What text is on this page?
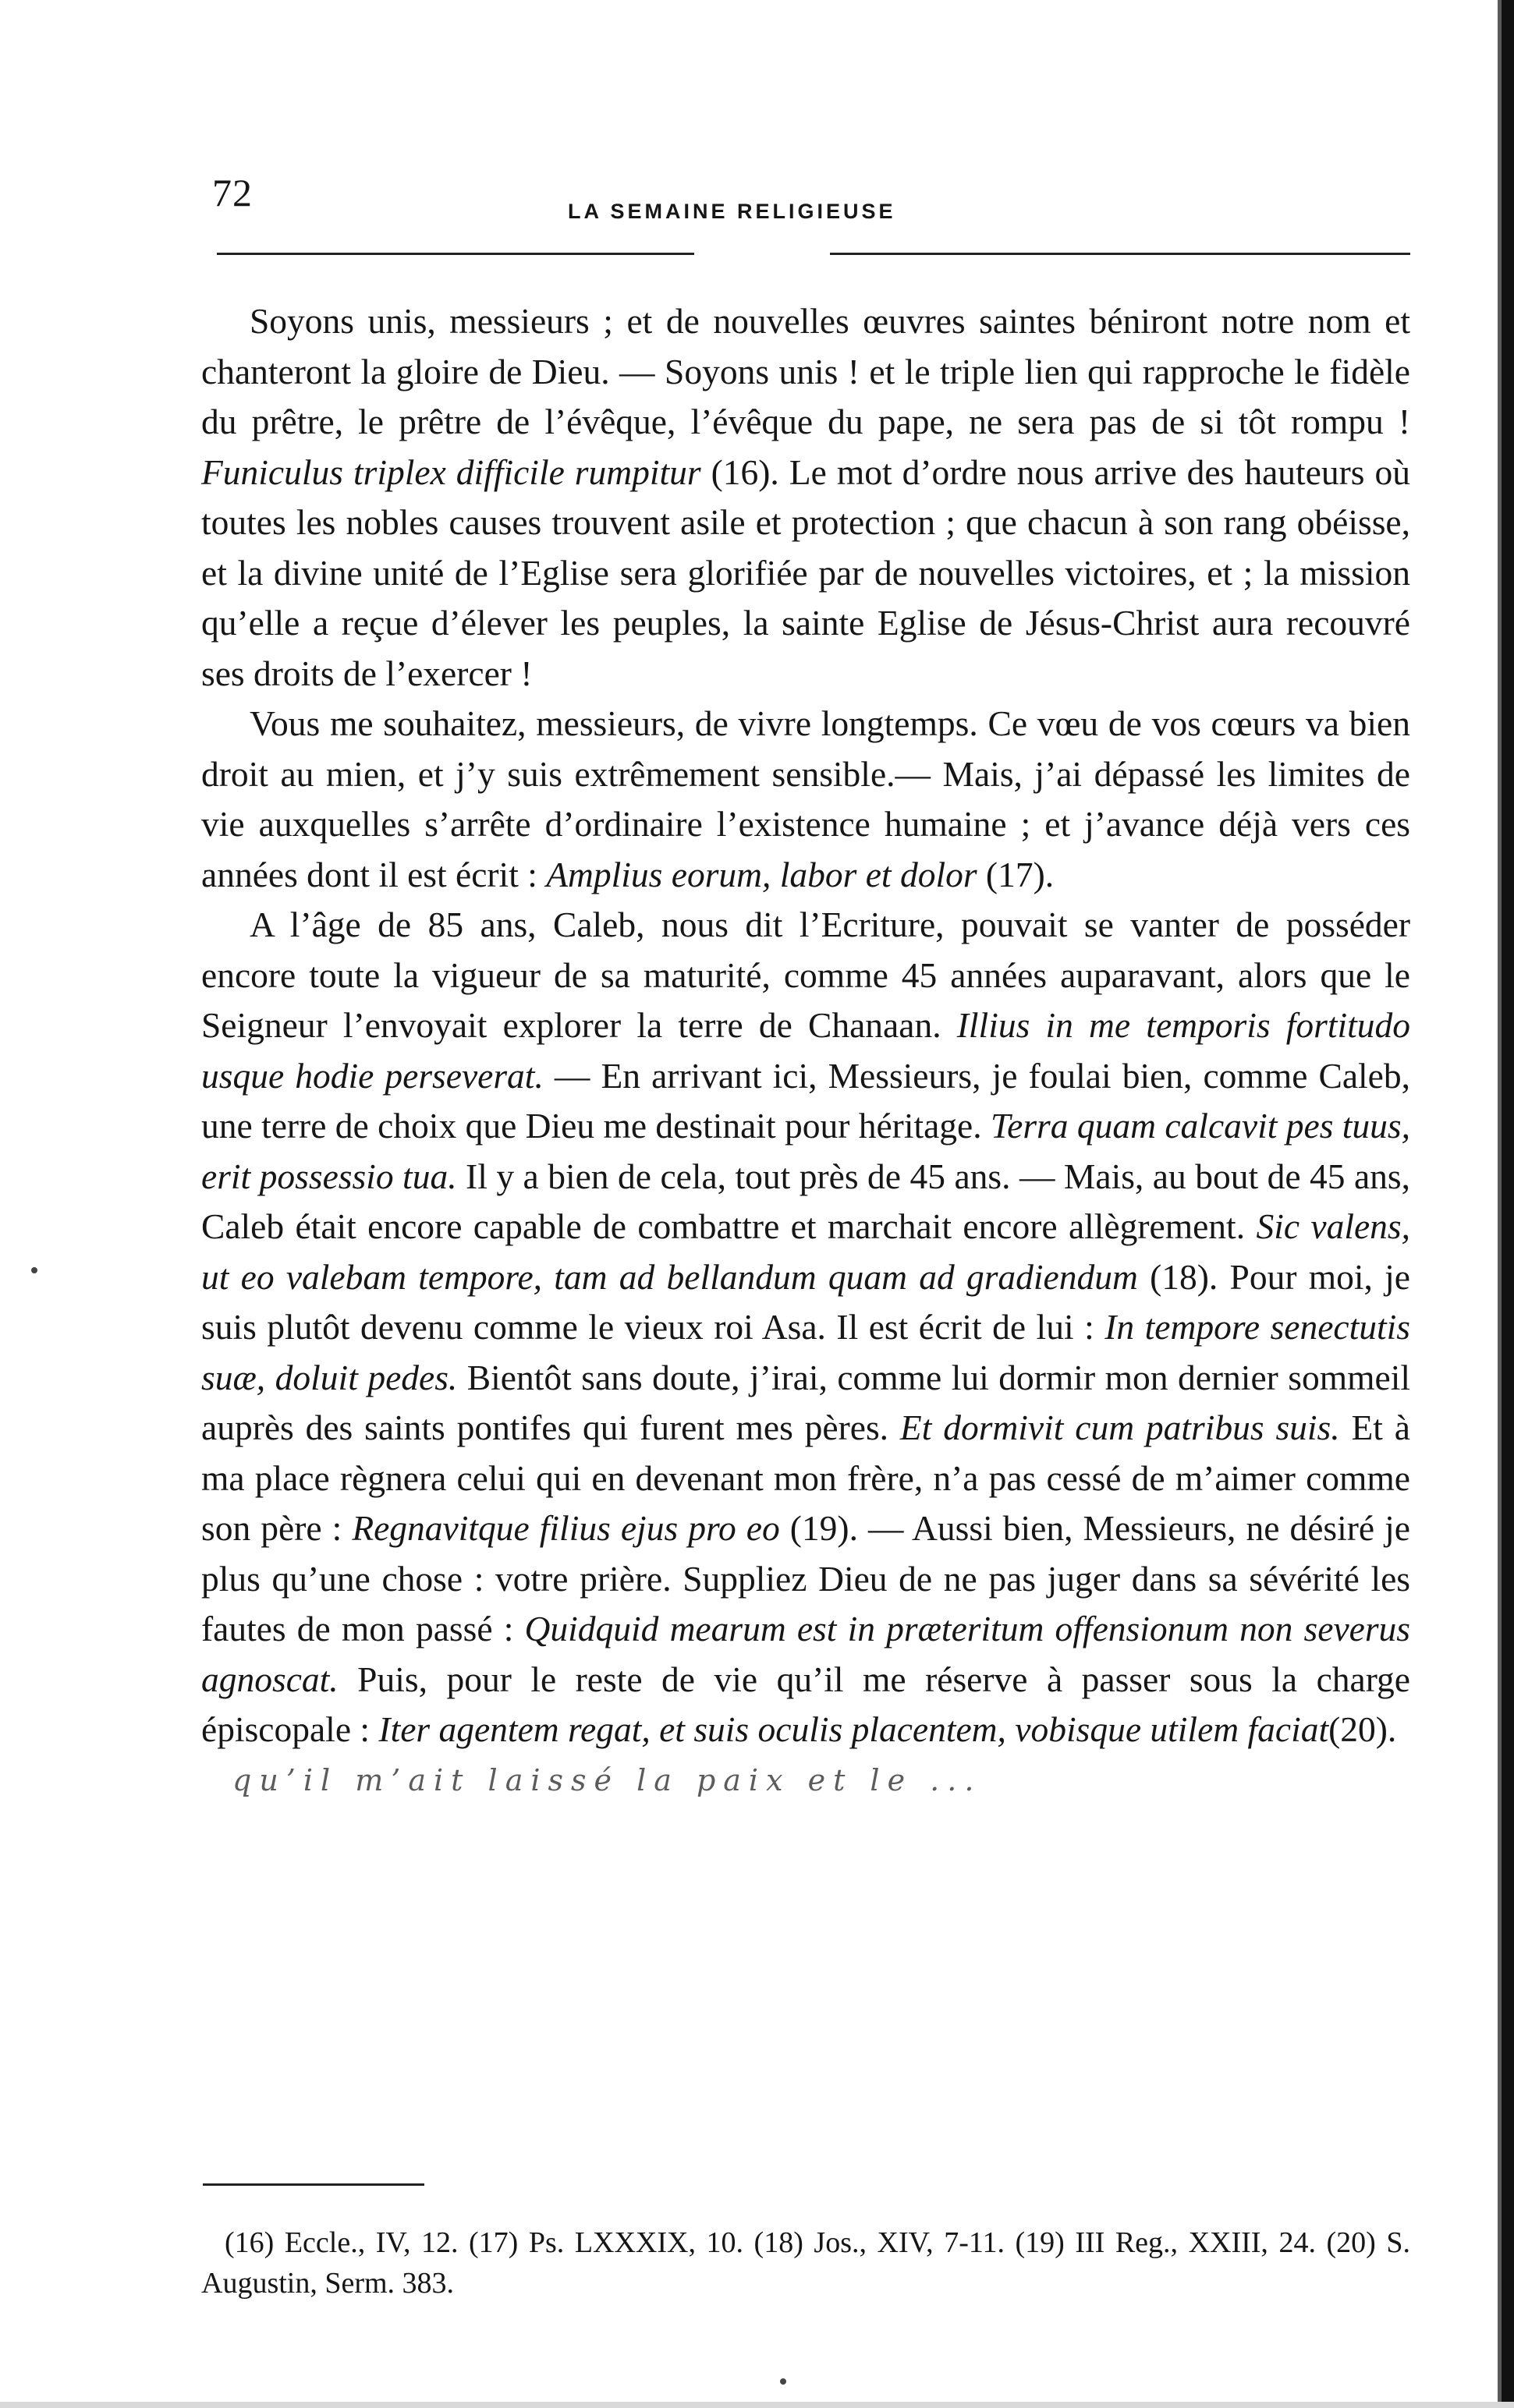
72	LA SEMAINE RELIGIEUSE

Soyons unis, messieurs ; et de nouvelles œuvres saintes béniront notre nom et chanteront la gloire de Dieu. — Soyons unis ! et le triple lien qui rapproche le fidèle du prêtre, le prêtre de l’évêque, l’évêque du pape, ne sera pas de si tôt rompu ! Funiculus triplex difficile rumpitur (16). Le mot d’ordre nous arrive des hauteurs où toutes les nobles causes trouvent asile et protection ; que chacun à son rang obéisse, et la divine unité de l’Eglise sera glorifiée par de nouvelles victoires, et ; la mission qu’elle a reçue d’élever les peuples, la sainte Eglise de Jésus-Christ aura recouvré ses droits de l’exercer !

Vous me souhaitez, messieurs, de vivre longtemps. Ce vœu de vos cœurs va bien droit au mien, et j’y suis extrêmement sensible.— Mais, j’ai dépassé les limites de vie auxquelles s’arrête d’ordinaire l’existence humaine ; et j’avance déjà vers ces années dont il est écrit : Amplius eorum, labor et dolor (17).

A l’âge de 85 ans, Caleb, nous dit l’Ecriture, pouvait se vanter de posséder encore toute la vigueur de sa maturité, comme 45 années auparavant, alors que le Seigneur l’envoyait explorer la terre de Chanaan. Illius in me temporis fortitudo usque hodie perseverat. — En arrivant ici, Messieurs, je foulai bien, comme Caleb, une terre de choix que Dieu me destinait pour héritage. Terra quam calcavit pes tuus, erit possessio tua. Il y a bien de cela, tout près de 45 ans. — Mais, au bout de 45 ans, Caleb était encore capable de combattre et marchait encore allègrement. Sic valens, ut eo valebam tempore, tam ad bellandum quam ad gradiendum (18). Pour moi, je suis plutôt devenu comme le vieux roi Asa. Il est écrit de lui : In tempore senectutis suæ, doluit pedes. Bientôt sans doute, j’irai, comme lui dormir mon dernier sommeil auprès des saints pontifes qui furent mes pères. Et dormivit cum patribus suis. Et à ma place règnera celui qui en devenant mon frère, n’a pas cessé de m’aimer comme son père : Regnavitque filius ejus pro eo (19). — Aussi bien, Messieurs, ne désiré je plus qu’une chose : votre prière. Suppliez Dieu de ne pas juger dans sa sévérité les fautes de mon passé : Quidquid mearum est in præteritum offensionum non severus agnoscat. Puis, pour le reste de vie qu’il me réserve à passer sous la charge épiscopale : Iter agentem regat, et suis oculis placentem, vobisque utilem faciat(20).

qu’il m’ait laissé la paix et le ...
(16) Eccle., IV, 12. (17) Ps. LXXXIX, 10. (18) Jos., XIV, 7-11. (19) III Reg., XXIII, 24. (20) S. Augustin, Serm. 383.
